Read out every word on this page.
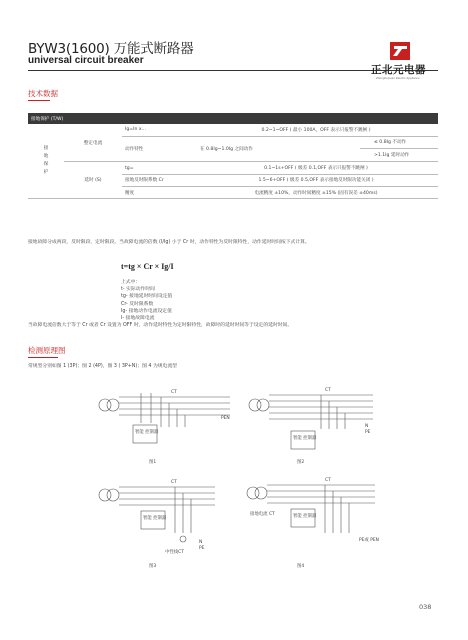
BYW3(1600) 万能式断路器
universal circuit breaker
正北元电器
Zhengbeiyuan Electric Appliance
技术数据
接地保护 (T/W)			
接地保护	整定电流	Ig=In x...	0.2~1~OFF ( 最小 100A，OFF 表示只报警不跳闸 )
		动作特性	在 0.8Ig~1.0Ig 之间动作
≤ 0.8Ig 不动作
>1.1Ig 延时动作

	延时 (S)	tg=	0.1~1s+OFF ( 级差 0.1,OFF 表示只报警不跳闸 )
		接地反时限系数 Cr	1.5~6+OFF ( 级差 0.5,OFF 表示接地反时限功能关闭 )
		精度	电流精度 ±10%，动作时间精度 ±15% (固有误差 ±40ms)
接地故障分成两段，反时限段、定时限段。当故障电流的倍数 (I/Ig) 小于 Cr 时，动作特性为反时限特性，动作延时时间按下式计算。
t=tg × Cr × Ig/I
上式中：
t- 实际动作时间
tg- 接地延时时间设定值
Cr- 反时限系数
Ig- 接地动作电流设定值
I- 接地故障电流
当故障电流倍数大于等于 Cr 或者 Cr 设置为 OFF 时，动作延时特性为定时限特性，故障时的延时时间等于设定的延时时间。
检测原理图
常规型分别如图 1 (3P)；图 2 (4P)，图 3 ( 3P+N)；图 4 为规电流型
CT
PEN
智能 控制器
图1
CT
N
PE
智能 控制器
图2
CT
智能 控制器
N
PE
中性线CT
图3
CT
接地电流 CT	智能 控制器
PE或 PEN
图4
038
